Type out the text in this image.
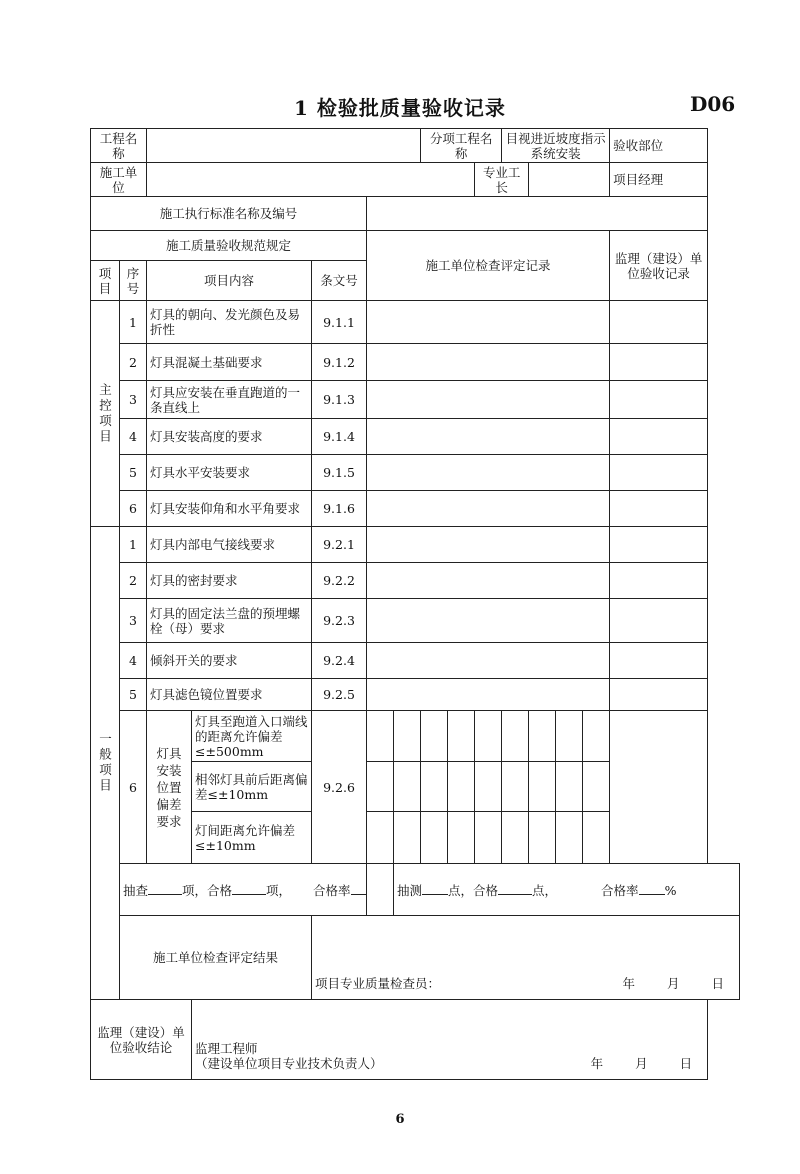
1 检验批质量验收记录	D06
工程名称							分项工程名称			目视进近坡度指示系统安装				验收部位
施工单位									专业工长					项目经理
施工执行标准名称及编号														
施工质量验收规范规定					施工单位检查评定记录									监理（建设）单位验收记录
项目	序号	项目内容		条文号										
主控项目	1	灯具的朝向、发光颜色及易折性		9.1.1										
	2	灯具混凝土基础要求		9.1.2										
	3	灯具应安装在垂直跑道的一条直线上		9.1.3										
	4	灯具安装高度的要求		9.1.4										
	5	灯具水平安装要求		9.1.5										
	6	灯具安装仰角和水平角要求		9.1.6										
一般项目	1	灯具内部电气接线要求		9.2.1										
	2	灯具的密封要求		9.2.2										
	3	灯具的固定法兰盘的预埋螺栓（母）要求		9.2.3										
	4	倾斜开关的要求		9.2.4										
	5	灯具滤色镜位置要求		9.2.5										
	6	灯具安装位置偏差要求	灯具至跑道入口端线的距离允许偏差≤±500mm	9.2.6										
			相邻灯具前后距离偏差≤±10mm											
			灯间距离允许偏差≤±10mm											
	抽查 项，合格 项， 合格率					抽测 点，合格 点， 合格率 %								
	施工单位检查评定结果			项目专业质量检查员： 年 月 日										

监理（建设）单位验收结论			监理工程师
（建设单位项目专业技术负责人） 年 月 日											
6
